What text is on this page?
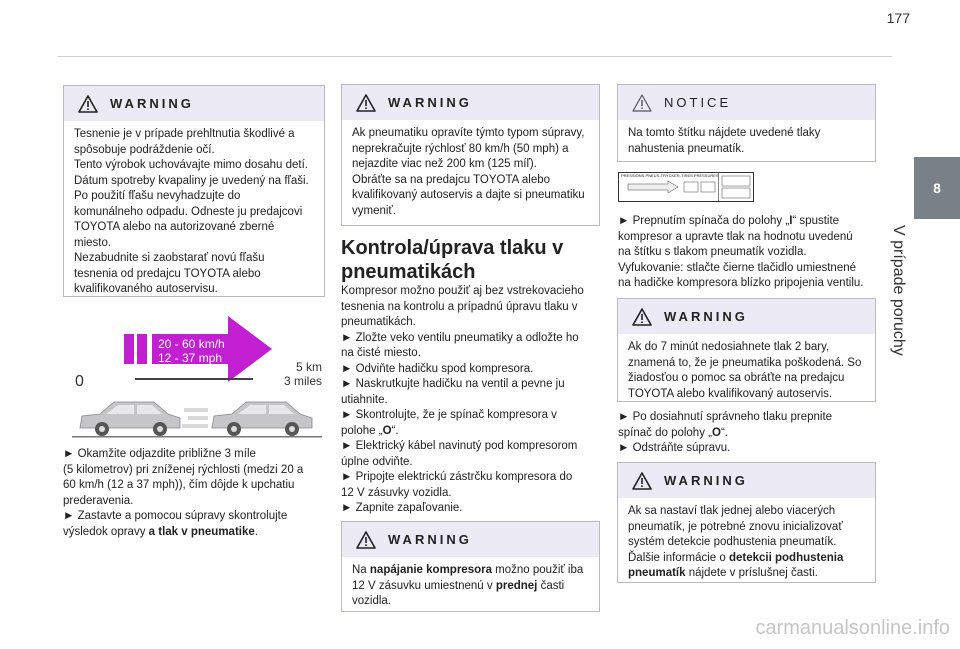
177
8
V prípade poruchy
WARNING

Tesnenie je v prípade prehltnutia škodlivé a

spôsobuje podráždenie očí.

Tento výrobok uchovávajte mimo dosahu detí.

Dátum spotreby kvapaliny je uvedený na fľaši.

Po použití fľašu nevyhadzujte do

komunálneho odpadu. Odneste ju predajcovi

TOYOTA alebo na autorizované zberné

miesto.

Nezabudnite si zaobstarať novú fľašu

tesnenia od predajcu TOYOTA alebo

kvalifikovaného autoservisu.

20 - 60 km/h
12 - 37 mph
0
5 km
3 miles

► Okamžite odjazdite približne 3 míle

(5 kilometrov) pri zníženej rýchlosti (medzi 20 a

60 km/h (12 a 37 mph)), čím dôjde k upchatiu

prederavenia.

► Zastavte a pomocou súpravy skontrolujte

výsledok opravy a tlak v pneumatike.

WARNING

Ak pneumatiku opravíte týmto typom súpravy,

neprekračujte rýchlosť 80 km/h (50 mph) a

nejazdite viac než 200 km (125 míľ).

Obráťte sa na predajcu TOYOTA alebo

kvalifikovaný autoservis a dajte si pneumatiku

vymeniť.

Kontrola/úprava tlaku v
pneumatikách

Kompresor možno použiť aj bez vstrekovacieho

tesnenia na kontrolu a prípadnú úpravu tlaku v

pneumatikách.

► Zložte veko ventilu pneumatiky a odložte ho

na čisté miesto.

► Odviňte hadičku spod kompresora.

► Naskrutkujte hadičku na ventil a pevne ju

utiahnite.

► Skontrolujte, že je spínač kompresora v

polohe „O“.

► Elektrický kábel navinutý pod kompresorom

úplne odviňte.

► Pripojte elektrickú zástrčku kompresora do

12 V zásuvky vozidla.

► Zapnite zapaľovanie.

WARNING

Na napájanie kompresora možno použiť iba

12 V zásuvku umiestnenú v prednej časti

vozidla.

NOTICE

Na tomto štítku nájdete uvedené tlaky

nahustenia pneumatík.

PRESSIONS PNEUS-TRÝCKER-TIRES PRESSURES

► Prepnutím spínača do polohy „I“ spustite

kompresor a upravte tlak na hodnotu uvedenú

na štítku s tlakom pneumatík vozidla.

Vyfukovanie: stlačte čierne tlačidlo umiestnené

na hadičke kompresora blízko pripojenia ventilu.

WARNING

Ak do 7 minút nedosiahnete tlak 2 bary,

znamená to, že je pneumatika poškodená. So

žiadosťou o pomoc sa obráťte na predajcu

TOYOTA alebo kvalifikovaný autoservis.

► Po dosiahnutí správneho tlaku prepnite

spínač do polohy „O“.

► Odstráňte súpravu.

WARNING

Ak sa nastaví tlak jednej alebo viacerých

pneumatík, je potrebné znovu inicializovať

systém detekcie podhustenia pneumatík.

Ďalšie informácie o detekcii podhustenia

pneumatík nájdete v príslušnej časti.

carmanualsonline.info
